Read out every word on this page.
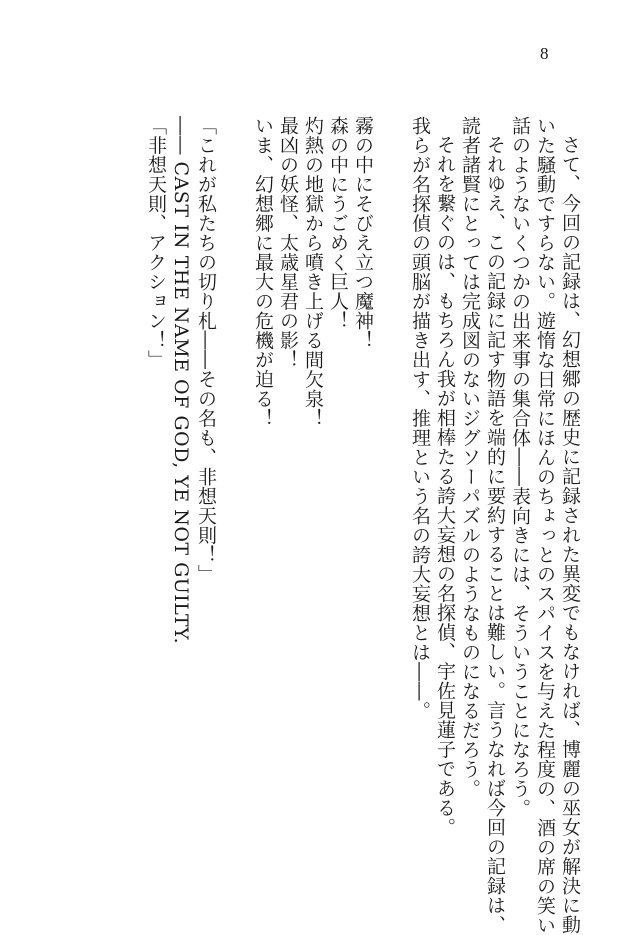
8
さて、今回の記録は、幻想郷の歴史に記録された異変でもなければ、博麗の巫女が解決に動
いた騒動ですらない。遊惰な日常にほんのちょっとのスパイスを与えた程度の、酒の席の笑い
話のようないくつかの出来事の集合体――表向きには、そういうことになろう。
それゆえ、この記録に記す物語を端的に要約することは難しい。言うなれば今回の記録は、
読者諸賢にとっては完成図のないジグソーパズルのようなものになるだろう。
それを繋ぐのは、もちろん我が相棒たる誇大妄想の名探偵、宇佐見蓮子である。
我らが名探偵の頭脳が描き出す、推理という名の誇大妄想とは――。
霧の中にそびえ立つ魔神！
森の中にうごめく巨人！
灼熱の地獄から噴き上げる間欠泉！
最凶の妖怪、太歳星君の影！
いま、幻想郷に最大の危機が迫る！
「これが私たちの切り札――その名も、非想天則！」
―― CAST IN THE NAME OF GOD, YE NOT GUILTY.
「非想天則、アクション！」
